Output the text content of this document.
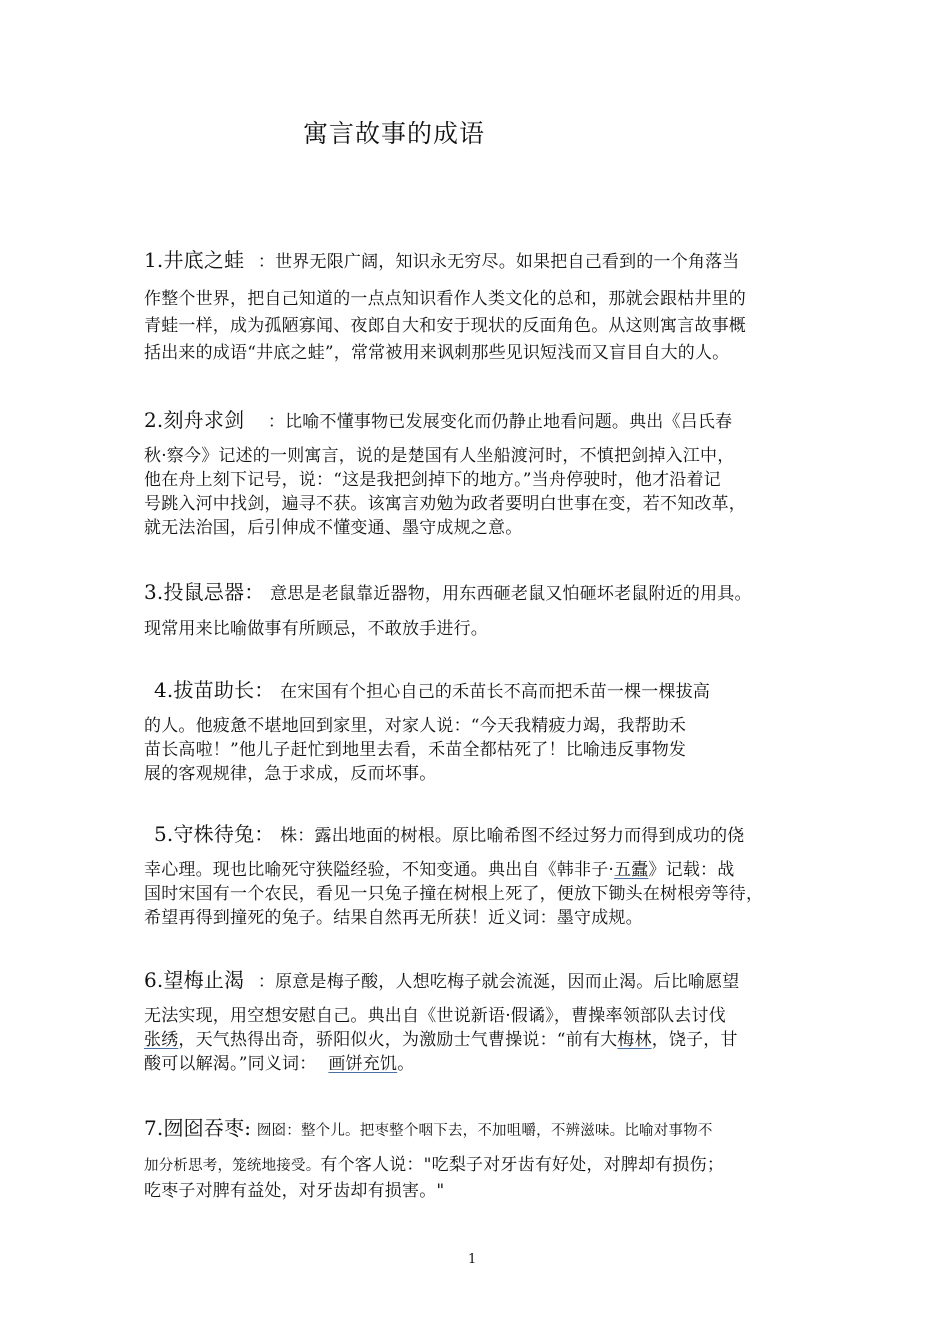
寓言故事的成语
1.井底之蛙 ：世界无限广阔，知识永无穷尽。如果把自己看到的一个角落当
作整个世界，把自己知道的一点点知识看作人类文化的总和，那就会跟枯井里的
青蛙一样，成为孤陋寡闻、夜郎自大和安于现状的反面角色。从这则寓言故事概
括出来的成语“井底之蛙”，常常被用来讽刺那些见识短浅而又盲目自大的人。
2.刻舟求剑 ：比喻不懂事物已发展变化而仍静止地看问题。典出《吕氏春
秋·察今》记述的一则寓言，说的是楚国有人坐船渡河时，不慎把剑掉入江中，
他在舟上刻下记号，说：“这是我把剑掉下的地方。”当舟停驶时，他才沿着记
号跳入河中找剑，遍寻不获。该寓言劝勉为政者要明白世事在变，若不知改革，
就无法治国，后引伸成不懂变通、墨守成规之意。
3.投鼠忌器： 意思是老鼠靠近器物，用东西砸老鼠又怕砸坏老鼠附近的用具。
现常用来比喻做事有所顾忌，不敢放手进行。
4.拔苗助长： 在宋国有个担心自己的禾苗长不高而把禾苗一棵一棵拔高
的人。他疲惫不堪地回到家里，对家人说：“今天我精疲力竭，我帮助禾
苗长高啦！”他儿子赶忙到地里去看，禾苗全都枯死了！比喻违反事物发
展的客观规律，急于求成，反而坏事。
5.守株待兔： 株：露出地面的树根。原比喻希图不经过努力而得到成功的侥
幸心理。现也比喻死守狭隘经验，不知变通。典出自《韩非子·五蠹》记载：战
国时宋国有一个农民，看见一只兔子撞在树根上死了，便放下锄头在树根旁等待，
希望再得到撞死的兔子。结果自然再无所获！近义词：墨守成规。
6.望梅止渴 ：原意是梅子酸，人想吃梅子就会流涎，因而止渴。后比喻愿望
无法实现，用空想安慰自己。典出自《世说新语·假谲》，曹操率领部队去讨伐
张绣，天气热得出奇，骄阳似火，为激励士气曹操说：“前有大梅林，饶子，甘
酸可以解渴。”同义词： 画饼充饥。
7.囫囵吞枣: 囫囵：整个儿。把枣整个咽下去，不加咀嚼，不辨滋味。比喻对事物不
加分析思考，笼统地接受。有个客人说："吃梨子对牙齿有好处，对脾却有损伤；
吃枣子对脾有益处，对牙齿却有损害。"
1
